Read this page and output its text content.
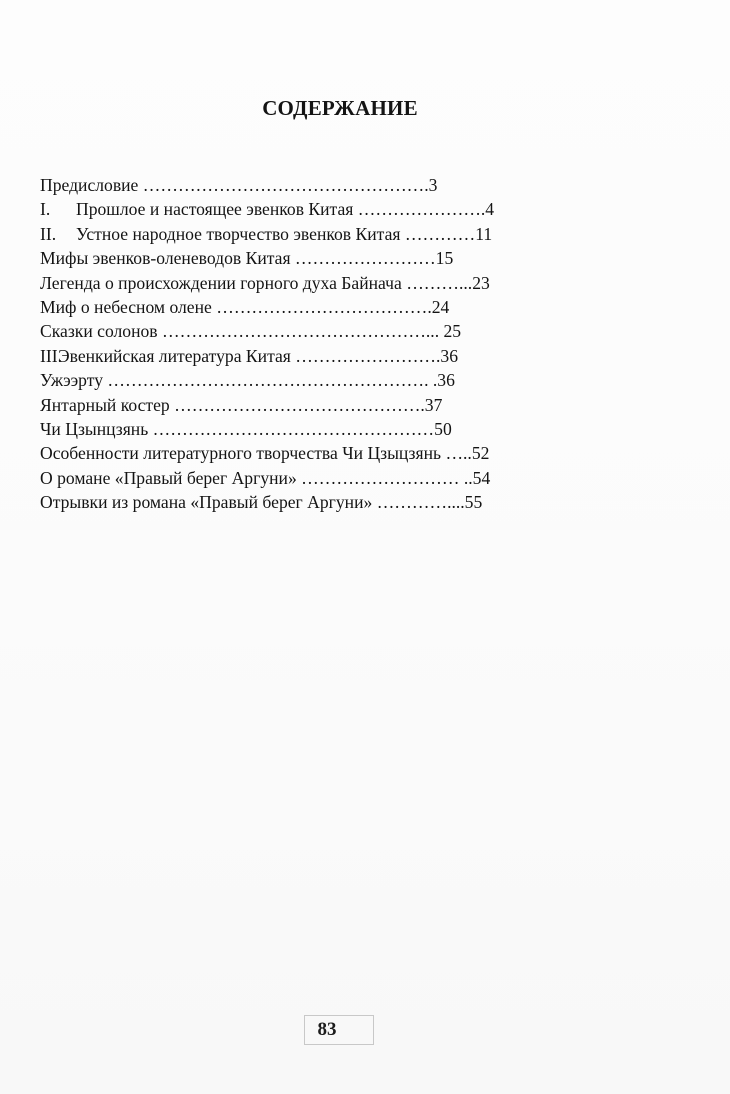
СОДЕРЖАНИЕ
Предисловие ………………………………………….3
I. Прошлое и настоящее эвенков Китая ………………….4
II. Устное народное творчество эвенков Китая …………11
Мифы эвенков-оленеводов Китая ……………………15
Легенда о происхождении горного духа Байнача ………...23
Миф о небесном олене ……………………………….24
Сказки солонов ………………………………………... 25
III.Эвенкийская литература Китая …………………….36
Ужээрту ………………………………………………. .36
Янтарный костер …………………………………….37
Чи Цзынцзянь …………………………………………50
Особенности литературного творчества Чи Цзыцзянь …..52
О романе «Правый берег Аргуни» ……………………… ..54
Отрывки из романа «Правый берег Аргуни» …………....55
83
